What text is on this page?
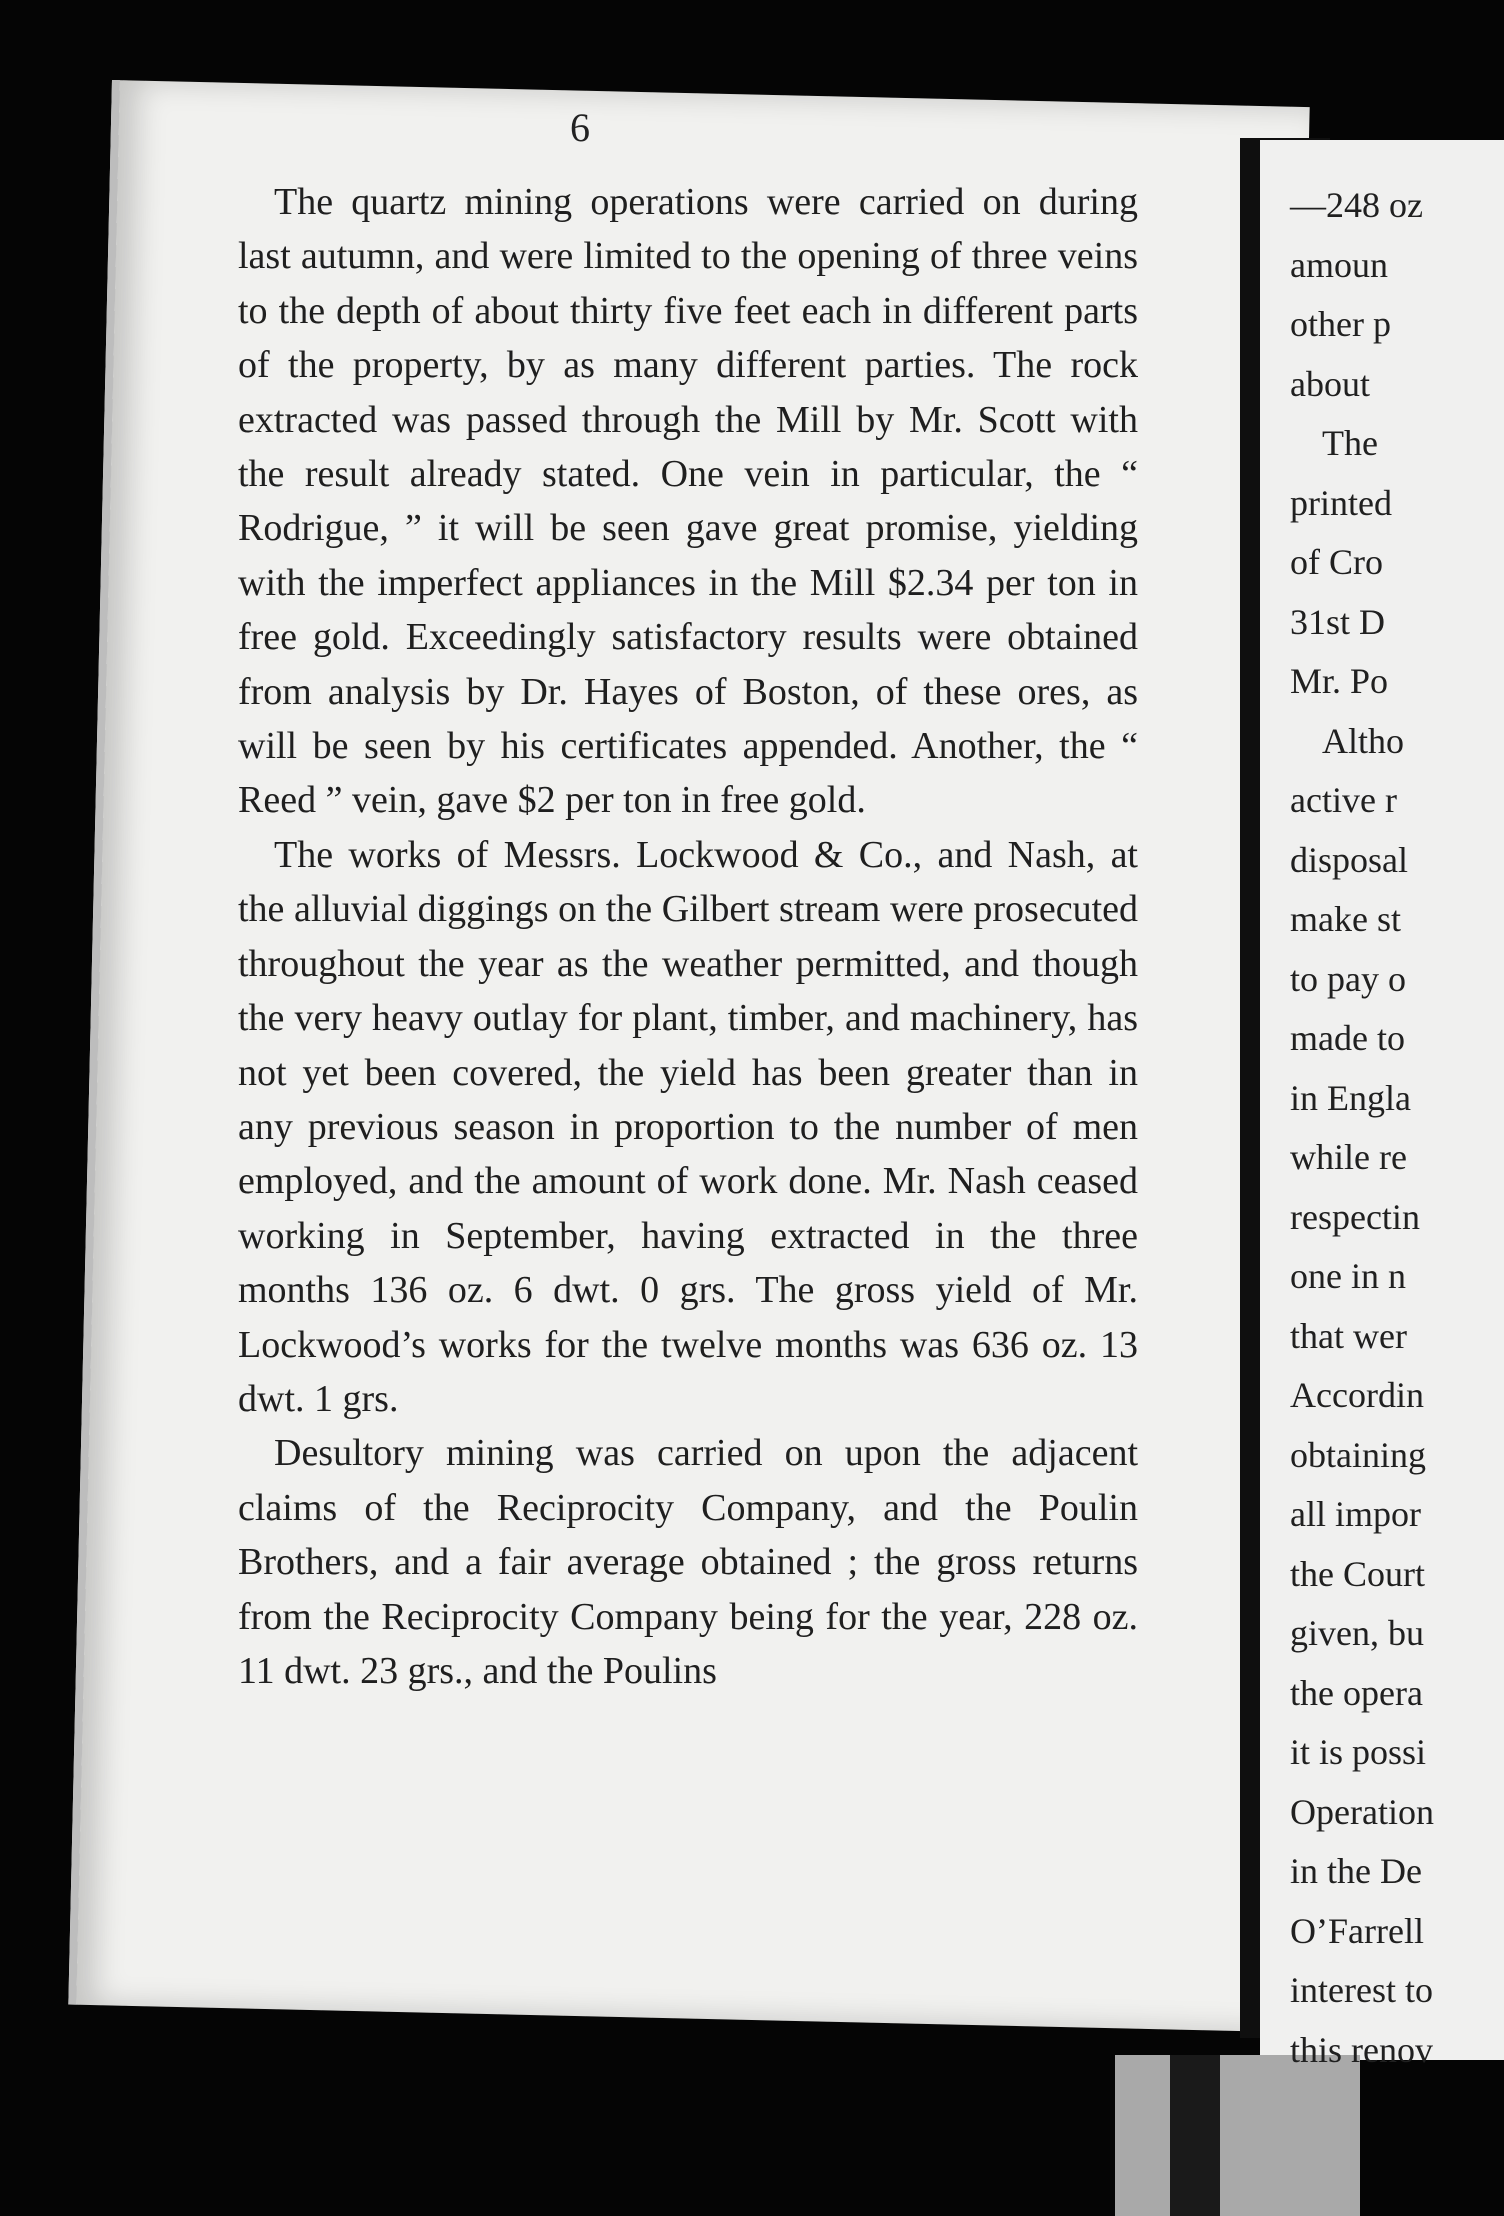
6

The quartz mining operations were carried on during last autumn, and were limited to the opening of three veins to the depth of about thirty five feet each in different parts of the property, by as many different parties. The rock extracted was passed through the Mill by Mr. Scott with the result already stated. One vein in particular, the “ Rodrigue, ” it will be seen gave great promise, yielding with the imperfect appliances in the Mill $2.34 per ton in free gold. Exceedingly satisfactory results were obtained from analysis by Dr. Hayes of Boston, of these ores, as will be seen by his certificates appended. Another, the “ Reed ” vein, gave $2 per ton in free gold.

The works of Messrs. Lockwood & Co., and Nash, at the alluvial diggings on the Gilbert stream were prosecuted throughout the year as the weather permitted, and though the very heavy outlay for plant, timber, and machinery, has not yet been covered, the yield has been greater than in any previous season in proportion to the number of men employed, and the amount of work done. Mr. Nash ceased working in September, having extracted in the three months 136 oz. 6 dwt. 0 grs. The gross yield of Mr. Lockwood’s works for the twelve months was 636 oz. 13 dwt. 1 grs.

Desultory mining was carried on upon the adjacent claims of the Reciprocity Company, and the Poulin Brothers, and a fair average obtained ; the gross returns from the Reciprocity Company being for the year, 228 oz. 11 dwt. 23 grs., and the Poulins

—248 oz
amoun
other p
about
The
printed
of Cro
31st D
Mr. Po
Altho
active r
disposal
make st
to pay o
made to
in Engla
while re
respectin
one in n
that wer
Accordin
obtaining
all impor
the Court
given, bu
the opera
it is possi
Operation
in the De
O’Farrell
interest to
this renov
